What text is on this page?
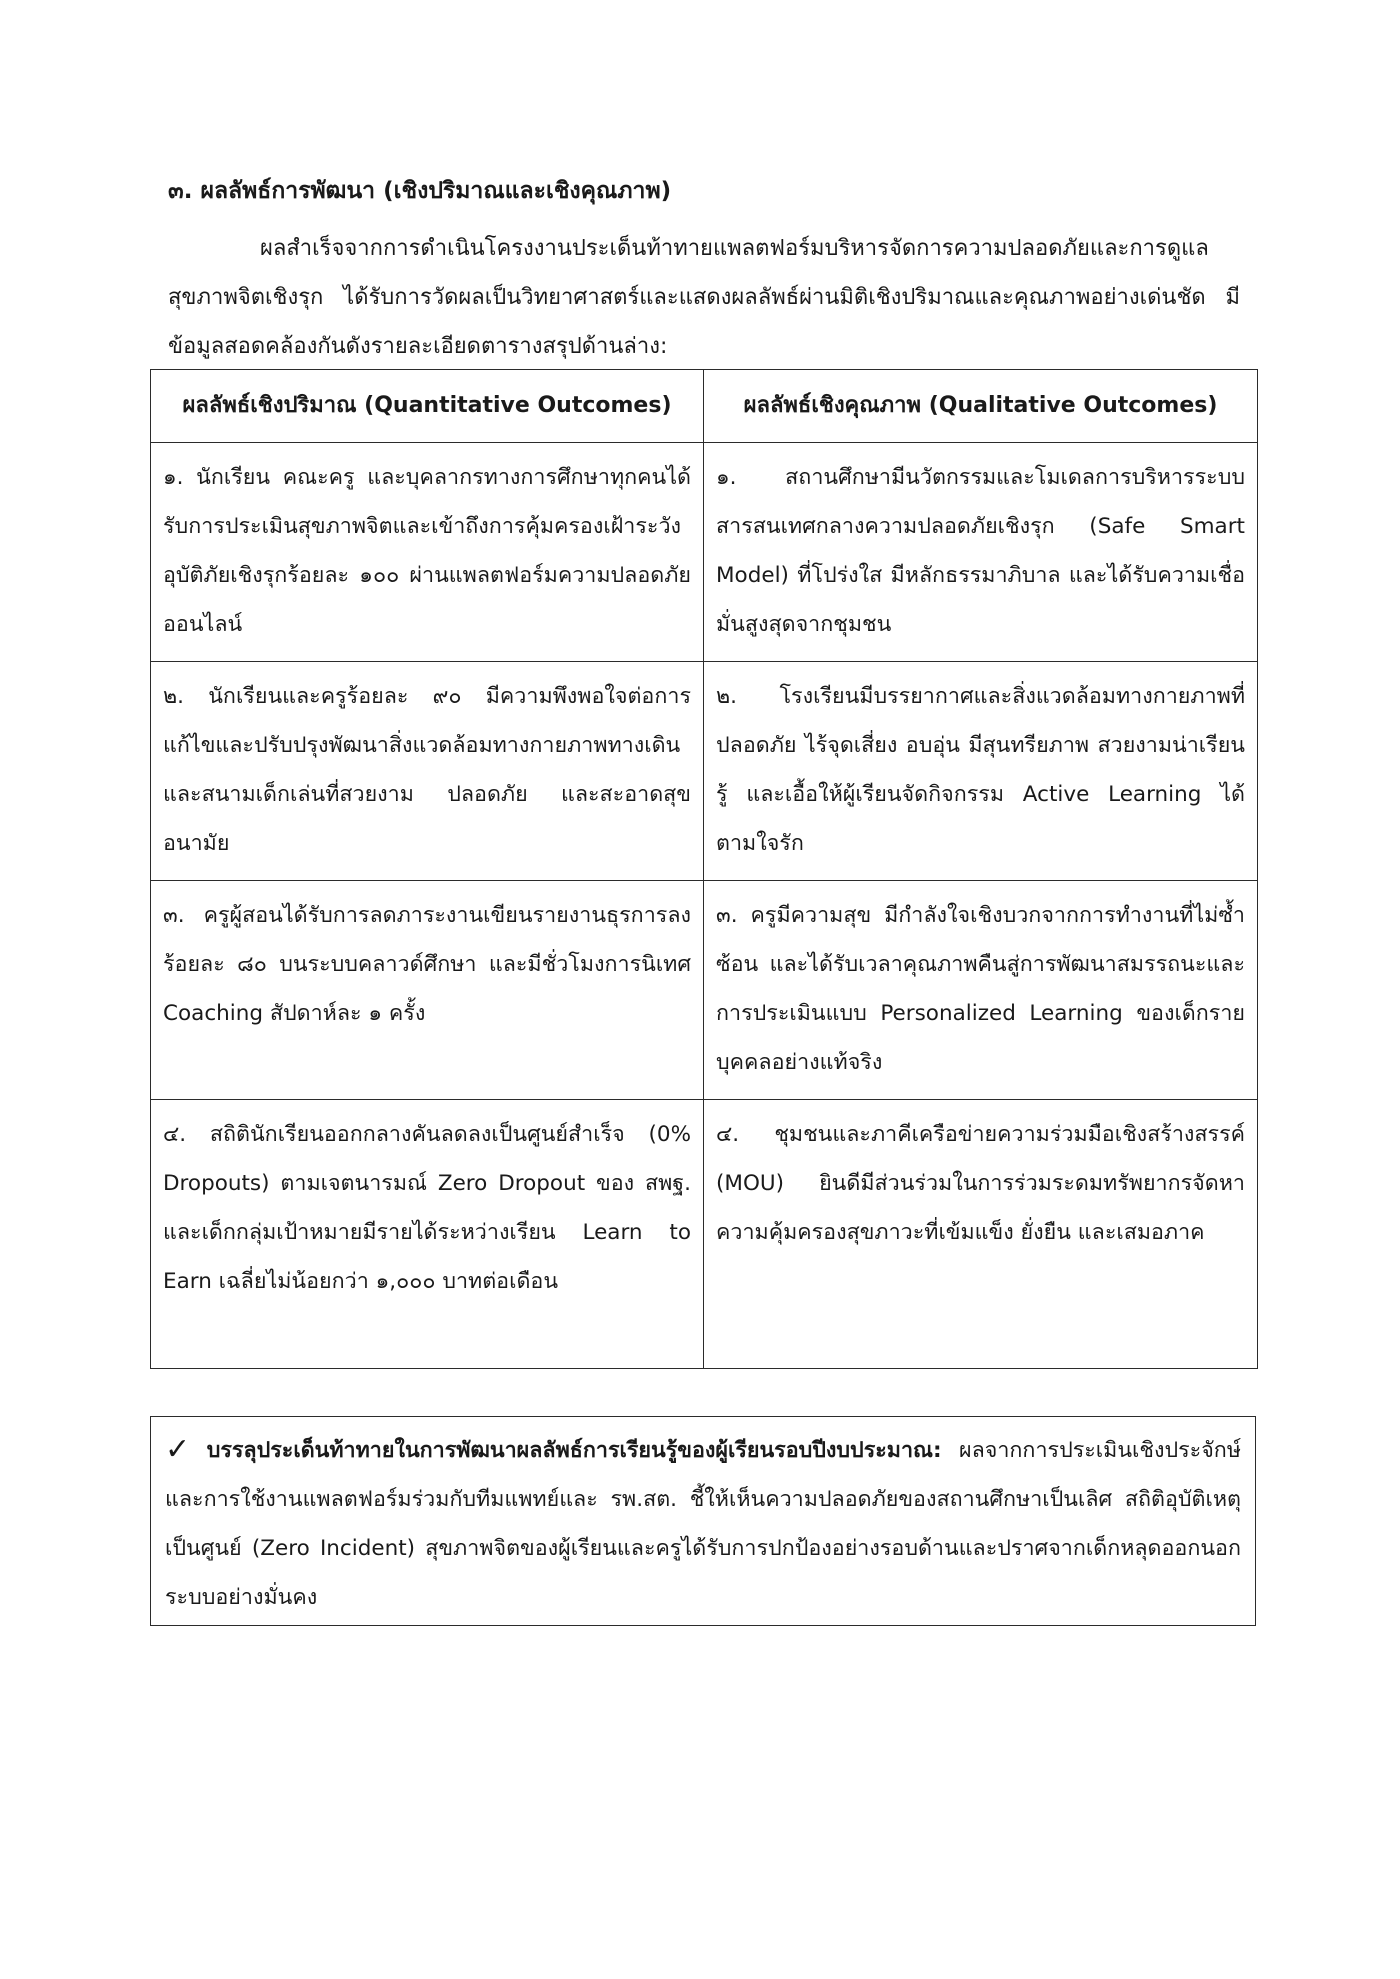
๓. ผลลัพธ์การพัฒนา (เชิงปริมาณและเชิงคุณภาพ)

ผลสำเร็จจากการดำเนินโครงงานประเด็นท้าทายแพลตฟอร์มบริหารจัดการความปลอดภัยและการดูแลสุขภาพจิตเชิงรุก ได้รับการวัดผลเป็นวิทยาศาสตร์และแสดงผลลัพธ์ผ่านมิติเชิงปริมาณและคุณภาพอย่างเด่นชัด มีข้อมูลสอดคล้องกันดังรายละเอียดตารางสรุปด้านล่าง:

ผลลัพธ์เชิงปริมาณ (Quantitative Outcomes)	ผลลัพธ์เชิงคุณภาพ (Qualitative Outcomes)
๑. นักเรียน คณะครู และบุคลากรทางการศึกษาทุกคนได้รับการประเมินสุขภาพจิตและเข้าถึงการคุ้มครองเฝ้าระวังอุบัติภัยเชิงรุกร้อยละ ๑๐๐ ผ่านแพลตฟอร์มความปลอดภัยออนไลน์	๑. สถานศึกษามีนวัตกรรมและโมเดลการบริหารระบบสารสนเทศกลางความปลอดภัยเชิงรุก (Safe Smart Model) ที่โปร่งใส มีหลักธรรมาภิบาล และได้รับความเชื่อมั่นสูงสุดจากชุมชน
๒. นักเรียนและครูร้อยละ ๙๐ มีความพึงพอใจต่อการแก้ไขและปรับปรุงพัฒนาสิ่งแวดล้อมทางกายภาพทางเดิน และสนามเด็กเล่นที่สวยงาม ปลอดภัย และสะอาดสุขอนามัย	๒. โรงเรียนมีบรรยากาศและสิ่งแวดล้อมทางกายภาพที่ปลอดภัย ไร้จุดเสี่ยง อบอุ่น มีสุนทรียภาพ สวยงามน่าเรียนรู้ และเอื้อให้ผู้เรียนจัดกิจกรรม Active Learning ได้ตามใจรัก
๓. ครูผู้สอนได้รับการลดภาระงานเขียนรายงานธุรการลงร้อยละ ๘๐ บนระบบคลาวด์ศึกษา และมีชั่วโมงการนิเทศ Coaching สัปดาห์ละ ๑ ครั้ง	๓. ครูมีความสุข มีกำลังใจเชิงบวกจากการทำงานที่ไม่ซ้ำซ้อน และได้รับเวลาคุณภาพคืนสู่การพัฒนาสมรรถนะและการประเมินแบบ Personalized Learning ของเด็กรายบุคคลอย่างแท้จริง
๔. สถิตินักเรียนออกกลางคันลดลงเป็นศูนย์สำเร็จ (0% Dropouts) ตามเจตนารมณ์ Zero Dropout ของ สพฐ. และเด็กกลุ่มเป้าหมายมีรายได้ระหว่างเรียน Learn to Earn เฉลี่ยไม่น้อยกว่า ๑,๐๐๐ บาทต่อเดือน	๔. ชุมชนและภาคีเครือข่ายความร่วมมือเชิงสร้างสรรค์ (MOU) ยินดีมีส่วนร่วมในการร่วมระดมทรัพยากรจัดหาความคุ้มครองสุขภาวะที่เข้มแข็ง ยั่งยืน และเสมอภาค
✓ บรรลุประเด็นท้าทายในการพัฒนาผลลัพธ์การเรียนรู้ของผู้เรียนรอบปีงบประมาณ: ผลจากการประเมินเชิงประจักษ์และการใช้งานแพลตฟอร์มร่วมกับทีมแพทย์และ รพ.สต. ชี้ให้เห็นความปลอดภัยของสถานศึกษาเป็นเลิศ สถิติอุบัติเหตุเป็นศูนย์ (Zero Incident) สุขภาพจิตของผู้เรียนและครูได้รับการปกป้องอย่างรอบด้านและปราศจากเด็กหลุดออกนอกระบบอย่างมั่นคง
